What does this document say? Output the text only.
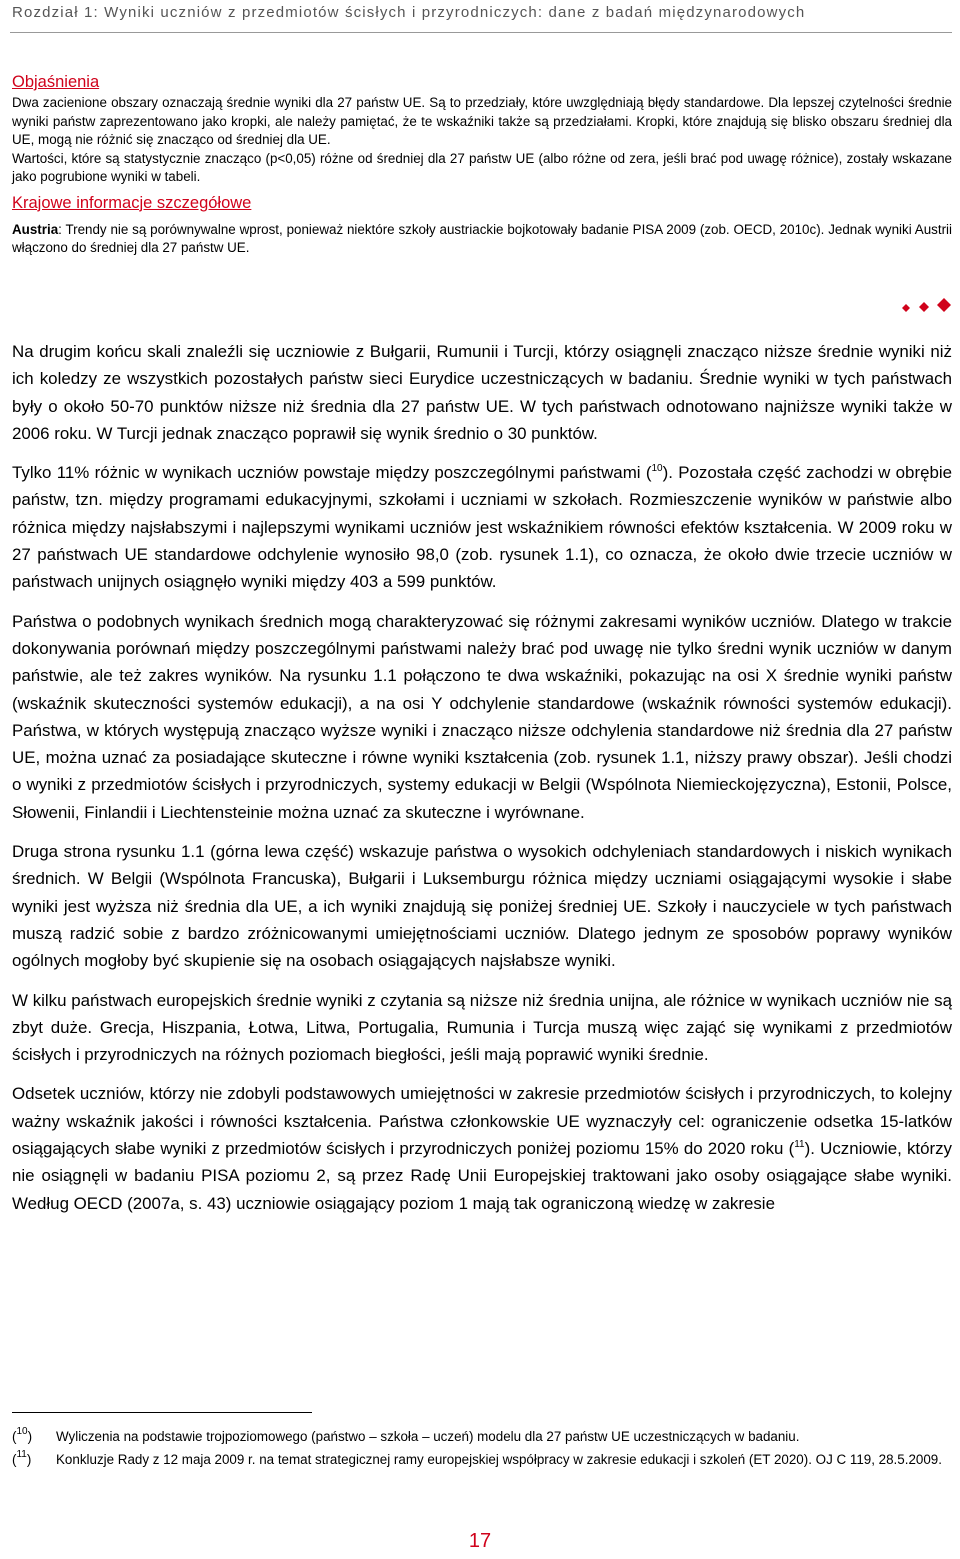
Rozdział 1: Wyniki uczniów z przedmiotów ścisłych i przyrodniczych: dane z badań międzynarodowych
Objaśnienia

Dwa zacienione obszary oznaczają średnie wyniki dla 27 państw UE. Są to przedziały, które uwzględniają błędy standardowe. Dla lepszej czytelności średnie wyniki państw zaprezentowano jako kropki, ale należy pamiętać, że te wskaźniki także są przedziałami. Kropki, które znajdują się blisko obszaru średniej dla UE, mogą nie różnić się znacząco od średniej dla UE.

Wartości, które są statystycznie znacząco (p<0,05) różne od średniej dla 27 państw UE (albo różne od zera, jeśli brać pod uwagę różnice), zostały wskazane jako pogrubione wyniki w tabeli.

Krajowe informacje szczegółowe

Austria: Trendy nie są porównywalne wprost, ponieważ niektóre szkoły austriackie bojkotowały badanie PISA 2009 (zob. OECD, 2010c). Jednak wyniki Austrii włączono do średniej dla 27 państw UE.

Na drugim końcu skali znaleźli się uczniowie z Bułgarii, Rumunii i Turcji, którzy osiągnęli znacząco niższe średnie wyniki niż ich koledzy ze wszystkich pozostałych państw sieci Eurydice uczestniczących w badaniu. Średnie wyniki w tych państwach były o około 50-70 punktów niższe niż średnia dla 27 państw UE. W tych państwach odnotowano najniższe wyniki także w 2006 roku. W Turcji jednak znacząco poprawił się wynik średnio o 30 punktów.

Tylko 11% różnic w wynikach uczniów powstaje między poszczególnymi państwami ($^{10}$). Pozostała część zachodzi w obrębie państw, tzn. między programami edukacyjnymi, szkołami i uczniami w szkołach. Rozmieszczenie wyników w państwie albo różnica między najsłabszymi i najlepszymi wynikami uczniów jest wskaźnikiem równości efektów kształcenia. W 2009 roku w 27 państwach UE standardowe odchylenie wynosiło 98,0 (zob. rysunek 1.1), co oznacza, że około dwie trzecie uczniów w państwach unijnych osiągnęło wyniki między 403 a 599 punktów.

Państwa o podobnych wynikach średnich mogą charakteryzować się różnymi zakresami wyników uczniów. Dlatego w trakcie dokonywania porównań między poszczególnymi państwami należy brać pod uwagę nie tylko średni wynik uczniów w danym państwie, ale też zakres wyników. Na rysunku 1.1 połączono te dwa wskaźniki, pokazując na osi X średnie wyniki państw (wskaźnik skuteczności systemów edukacji), a na osi Y odchylenie standardowe (wskaźnik równości systemów edukacji). Państwa, w których występują znacząco wyższe wyniki i znacząco niższe odchylenia standardowe niż średnia dla 27 państw UE, można uznać za posiadające skuteczne i równe wyniki kształcenia (zob. rysunek 1.1, niższy prawy obszar). Jeśli chodzi o wyniki z przedmiotów ścisłych i przyrodniczych, systemy edukacji w Belgii (Wspólnota Niemieckojęzyczna), Estonii, Polsce, Słowenii, Finlandii i Liechtensteinie można uznać za skuteczne i wyrównane.

Druga strona rysunku 1.1 (górna lewa część) wskazuje państwa o wysokich odchyleniach standardowych i niskich wynikach średnich. W Belgii (Wspólnota Francuska), Bułgarii i Luksemburgu różnica między uczniami osiągającymi wysokie i słabe wyniki jest wyższa niż średnia dla UE, a ich wyniki znajdują się poniżej średniej UE. Szkoły i nauczyciele w tych państwach muszą radzić sobie z bardzo zróżnicowanymi umiejętnościami uczniów. Dlatego jednym ze sposobów poprawy wyników ogólnych mogłoby być skupienie się na osobach osiągających najsłabsze wyniki.

W kilku państwach europejskich średnie wyniki z czytania są niższe niż średnia unijna, ale różnice w wynikach uczniów nie są zbyt duże. Grecja, Hiszpania, Łotwa, Litwa, Portugalia, Rumunia i Turcja muszą więc zająć się wynikami z przedmiotów ścisłych i przyrodniczych na różnych poziomach biegłości, jeśli mają poprawić wyniki średnie.

Odsetek uczniów, którzy nie zdobyli podstawowych umiejętności w zakresie przedmiotów ścisłych i przyrodniczych, to kolejny ważny wskaźnik jakości i równości kształcenia. Państwa członkowskie UE wyznaczyły cel: ograniczenie odsetka 15-latków osiągających słabe wyniki z przedmiotów ścisłych i przyrodniczych poniżej poziomu 15% do 2020 roku ($^{11}$). Uczniowie, którzy nie osiągnęli w badaniu PISA poziomu 2, są przez Radę Unii Europejskiej traktowani jako osoby osiągające słabe wyniki. Według OECD (2007a, s. 43) uczniowie osiągający poziom 1 mają tak ograniczoną wiedzę w zakresie

($^{10}$)	Wyliczenia na podstawie trojpoziomowego (państwo – szkoła – uczeń) modelu dla 27 państw UE uczestniczących w badaniu.
($^{11}$)	Konkluzje Rady z 12 maja 2009 r. na temat strategicznej ramy europejskiej współpracy w zakresie edukacji i szkoleń (ET 2020). OJ C 119, 28.5.2009.
17
